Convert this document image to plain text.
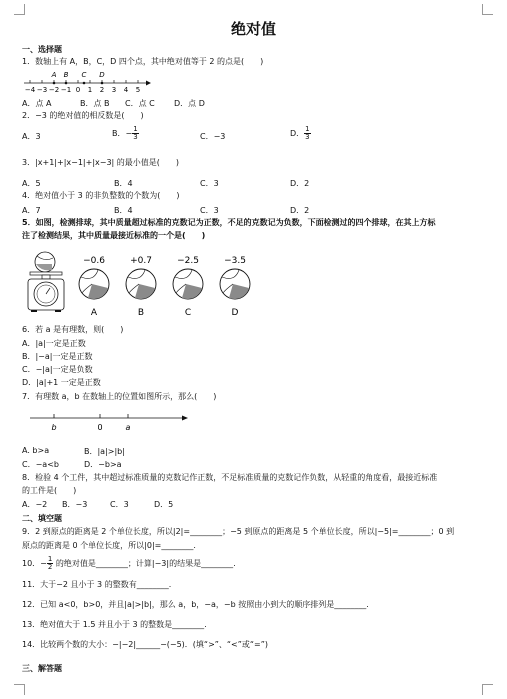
绝对值
一、选择题
1．数轴上有 A，B，C，D 四个点，其中绝对值等于 2 的点是(　　)
−4 −3 −2 −1 0 1 2 3 4 5
A B C D
A．点 A	B．点 B C．点 C D．点 D
2．−3 的绝对值的相反数是(　　)
A．3	B．− $\frac{1}{3}$	C．−3	D． $\frac{1}{3}$
3．|x+1|+|x−1|+|x−3| 的最小值是(　　)
A．5	B．4	C．3	D．2
4．绝对值小于 3 的非负整数的个数为(　　)
A．7	B．4	C．3	D．2
5．如图，检测排球，其中质量超过标准的克数记为正数，不足的克数记为负数，下面检测过的四个排球，在其上方标
注了检测结果，其中质量最接近标准的一个是(　　)
−0.6
A
+0.7
B
−2.5
C
−3.5
D
6．若 a 是有理数，则(　　)
A．|a|一定是正数
B．|−a|一定是正数
C．−|a|一定是负数
D．|a|+1 一定是正数
7．有理数 a，b 在数轴上的位置如图所示，那么(　　)
b	0	a
A. b>a	B．|a|>|b|
C．−a<b	D．−b>a
8．检验 4 个工件，其中超过标准质量的克数记作正数，不足标准质量的克数记作负数，从轻重的角度看，最接近标准
的工件是(　　)
A．−2 B．−3	C．3	D．5
二、填空题
9．2 到原点的距离是 2 个单位长度，所以|2|=________；−5 到原点的距离是 5 个单位长度，所以|−5|=________；0 到
原点的距离是 0 个单位长度，所以|0|=________.
10．− $\frac{1}{2}$ 的绝对值是________；计算|−3|的结果是________.
11．大于−2 且小于 3 的整数有________.
12．已知 a<0，b>0，并且|a|>|b|，那么 a，b，−a，−b 按照由小到大的顺序排列是________.
13．绝对值大于 1.5 并且小于 3 的整数是________.
14．比较两个数的大小：−|−2|______−(−5)．(填“>”、“<”或“=”)
三、解答题
